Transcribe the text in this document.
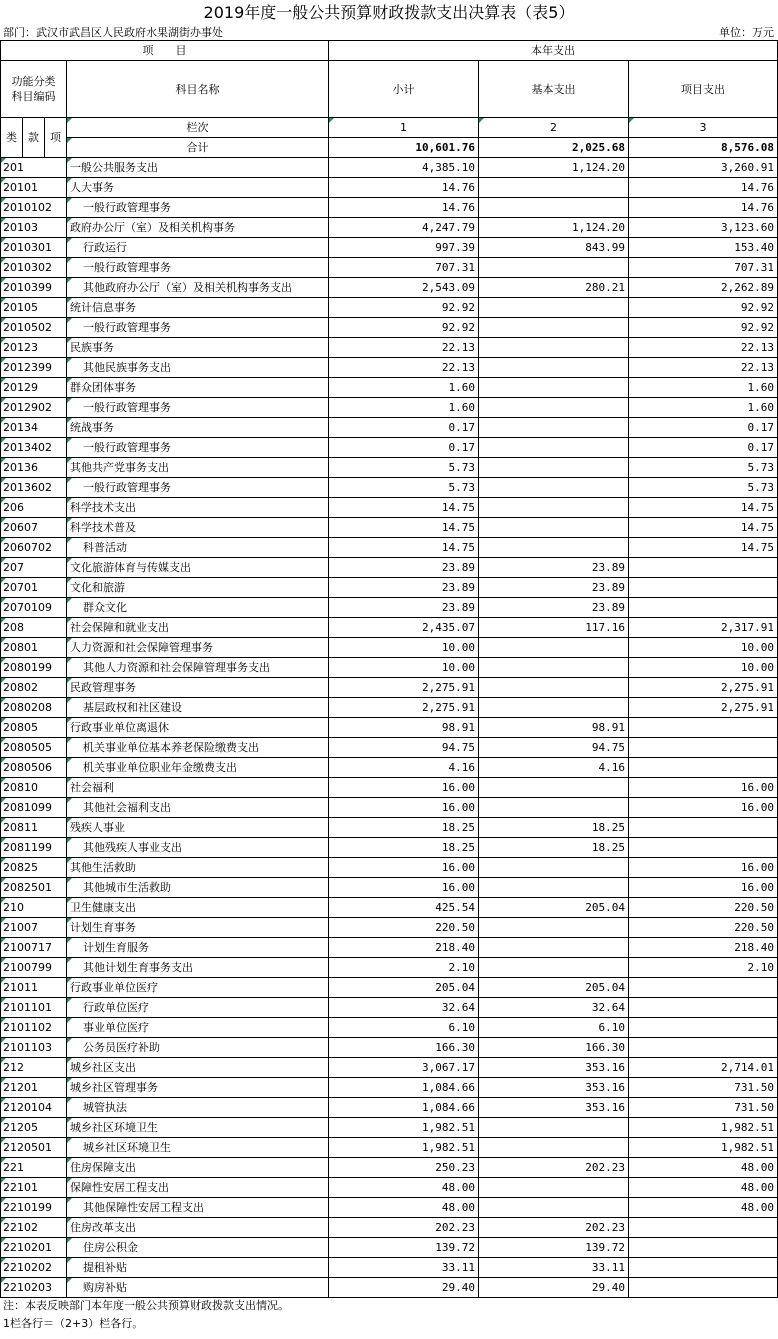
2019年度一般公共预算财政拨款支出决算表（表5）
部门：武汉市武昌区人民政府水果湖街办事处	单位：万元
项　　目				本年支出		
功能分类
科目编码			科目名称	小计	基本支出	项目支出
类	款	项	栏次	1	2	3
			合计	10,601.76	2,025.68	8,576.08
201			一般公共服务支出	4,385.10	1,124.20	3,260.91
20101			人大事务	14.76		14.76
2010102			一般行政管理事务	14.76		14.76
20103			政府办公厅（室）及相关机构事务	4,247.79	1,124.20	3,123.60
2010301			行政运行	997.39	843.99	153.40
2010302			一般行政管理事务	707.31		707.31
2010399			其他政府办公厅（室）及相关机构事务支出	2,543.09	280.21	2,262.89
20105			统计信息事务	92.92		92.92
2010502			一般行政管理事务	92.92		92.92
20123			民族事务	22.13		22.13
2012399			其他民族事务支出	22.13		22.13
20129			群众团体事务	1.60		1.60
2012902			一般行政管理事务	1.60		1.60
20134			统战事务	0.17		0.17
2013402			一般行政管理事务	0.17		0.17
20136			其他共产党事务支出	5.73		5.73
2013602			一般行政管理事务	5.73		5.73
206			科学技术支出	14.75		14.75
20607			科学技术普及	14.75		14.75
2060702			科普活动	14.75		14.75
207			文化旅游体育与传媒支出	23.89	23.89	
20701			文化和旅游	23.89	23.89	
2070109			群众文化	23.89	23.89	
208			社会保障和就业支出	2,435.07	117.16	2,317.91
20801			人力资源和社会保障管理事务	10.00		10.00
2080199			其他人力资源和社会保障管理事务支出	10.00		10.00
20802			民政管理事务	2,275.91		2,275.91
2080208			基层政权和社区建设	2,275.91		2,275.91
20805			行政事业单位离退休	98.91	98.91	
2080505			机关事业单位基本养老保险缴费支出	94.75	94.75	
2080506			机关事业单位职业年金缴费支出	4.16	4.16	
20810			社会福利	16.00		16.00
2081099			其他社会福利支出	16.00		16.00
20811			残疾人事业	18.25	18.25	
2081199			其他残疾人事业支出	18.25	18.25	
20825			其他生活救助	16.00		16.00
2082501			其他城市生活救助	16.00		16.00
210			卫生健康支出	425.54	205.04	220.50
21007			计划生育事务	220.50		220.50
2100717			计划生育服务	218.40		218.40
2100799			其他计划生育事务支出	2.10		2.10
21011			行政事业单位医疗	205.04	205.04	
2101101			行政单位医疗	32.64	32.64	
2101102			事业单位医疗	6.10	6.10	
2101103			公务员医疗补助	166.30	166.30	
212			城乡社区支出	3,067.17	353.16	2,714.01
21201			城乡社区管理事务	1,084.66	353.16	731.50
2120104			城管执法	1,084.66	353.16	731.50
21205			城乡社区环境卫生	1,982.51		1,982.51
2120501			城乡社区环境卫生	1,982.51		1,982.51
221			住房保障支出	250.23	202.23	48.00
22101			保障性安居工程支出	48.00		48.00
2210199			其他保障性安居工程支出	48.00		48.00
22102			住房改革支出	202.23	202.23	
2210201			住房公积金	139.72	139.72	
2210202			提租补贴	33.11	33.11	
2210203			购房补贴	29.40	29.40	
注：本表反映部门本年度一般公共预算财政拨款支出情况。
1栏各行＝（2+3）栏各行。
